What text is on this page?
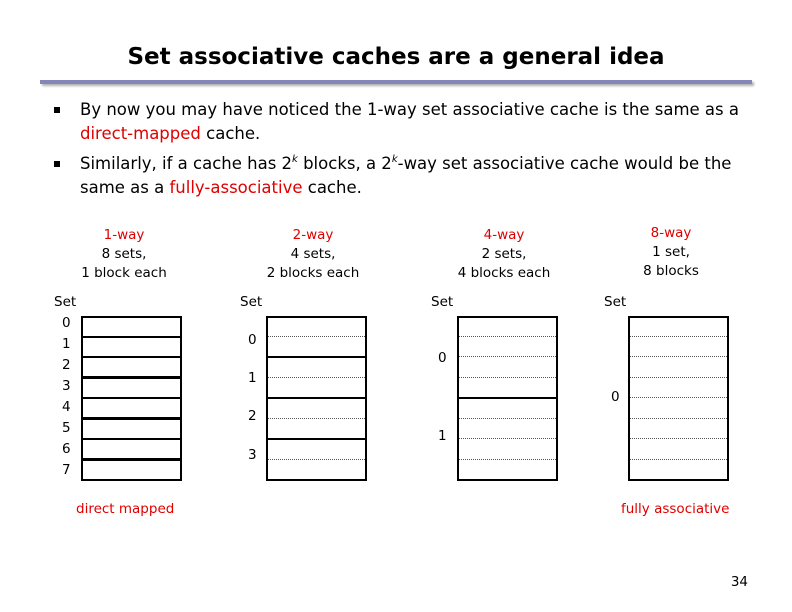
Set associative caches are a general idea
By now you may have noticed the 1-way set associative cache is the same as a direct-mapped cache.
Similarly, if a cache has 2$^k$ blocks, a 2$^k$-way set associative cache would be the same as a fully-associative cache.
1-way
8 sets,
1 block each
2-way
4 sets,
2 blocks each
4-way
2 sets,
4 blocks each
8-way
1 set,
8 blocks
Set	Set	Set	Set
0
1
2
3
4
5
6
7
0
1
2
3
0
1
0
direct mapped	fully associative
34
